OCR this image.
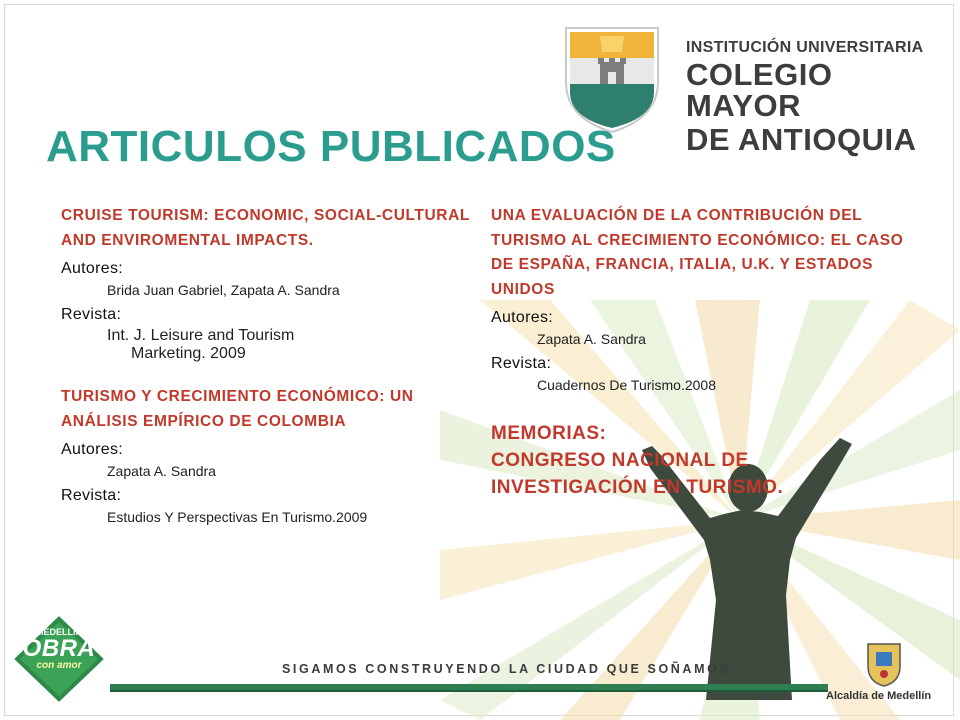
INSTITUCIÓN UNIVERSITARIA
COLEGIO MAYOR
DE ANTIOQUIA
ARTICULOS PUBLICADOS

CRUISE TOURISM: ECONOMIC, SOCIAL-CULTURAL AND ENVIROMENTAL IMPACTS.

Autores:
Brida Juan Gabriel, Zapata A. Sandra
Revista:
Int. J. Leisure and Tourism
Marketing. 2009

TURISMO Y CRECIMIENTO ECONÓMICO: UN ANÁLISIS EMPÍRICO DE COLOMBIA

Autores:
Zapata A. Sandra
Revista:
Estudios Y Perspectivas En Turismo.2009

UNA EVALUACIÓN DE LA CONTRIBUCIÓN DEL TURISMO AL CRECIMIENTO ECONÓMICO: EL CASO DE ESPAÑA, FRANCIA, ITALIA, U.K. Y ESTADOS UNIDOS

Autores:
Zapata A. Sandra
Revista:
Cuadernos De Turismo.2008
MEMORIAS:
CONGRESO NACIONAL DE INVESTIGACIÓN EN TURISMO.
MEDELLÍN
OBRA
con amor	SIGAMOS CONSTRUYENDO LA CIUDAD QUE SOÑAMOS
Alcaldía de Medellín
